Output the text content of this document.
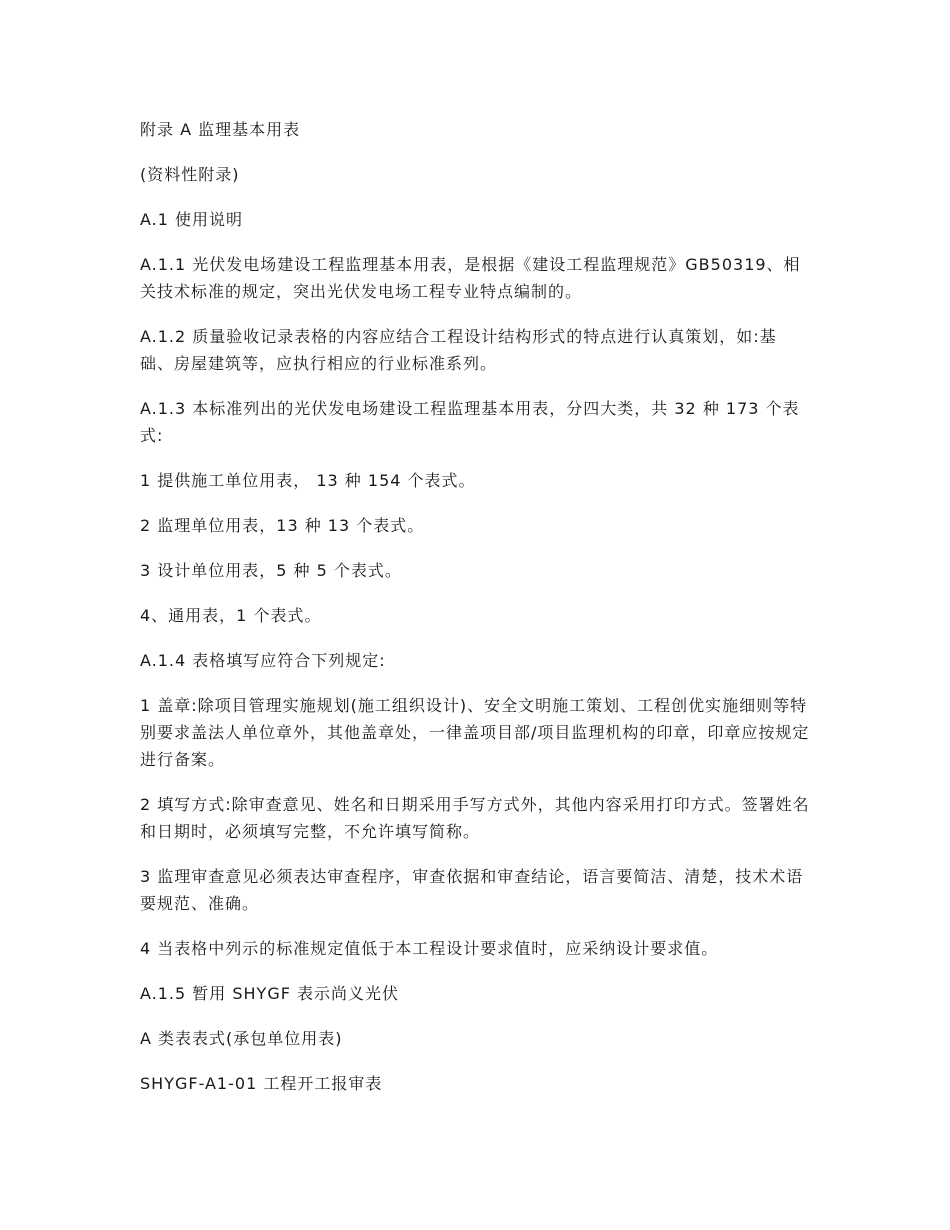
附录 A 监理基本用表

(资料性附录)

A.1 使用说明

A.1.1 光伏发电场建设工程监理基本用表，是根据《建设工程监理规范》GB50319、相关技术标准的规定，突出光伏发电场工程专业特点编制的。

A.1.2 质量验收记录表格的内容应结合工程设计结构形式的特点进行认真策划，如:基础、房屋建筑等，应执行相应的行业标准系列。

A.1.3 本标准列出的光伏发电场建设工程监理基本用表，分四大类，共 32 种 173 个表式:

1 提供施工单位用表， 13 种 154 个表式。

2 监理单位用表，13 种 13 个表式。

3 设计单位用表，5 种 5 个表式。

4、通用表，1 个表式。

A.1.4 表格填写应符合下列规定:

1 盖章:除项目管理实施规划(施工组织设计)、安全文明施工策划、工程创优实施细则等特别要求盖法人单位章外，其他盖章处，一律盖项目部/项目监理机构的印章，印章应按规定进行备案。

2 填写方式:除审查意见、姓名和日期采用手写方式外，其他内容采用打印方式。签署姓名和日期时，必须填写完整，不允许填写简称。

3 监理审查意见必须表达审查程序，审查依据和审查结论，语言要简洁、清楚，技术术语要规范、准确。

4 当表格中列示的标准规定值低于本工程设计要求值时，应采纳设计要求值。

A.1.5 暂用 SHYGF 表示尚义光伏

A 类表表式(承包单位用表)

SHYGF-A1-01 工程开工报审表
